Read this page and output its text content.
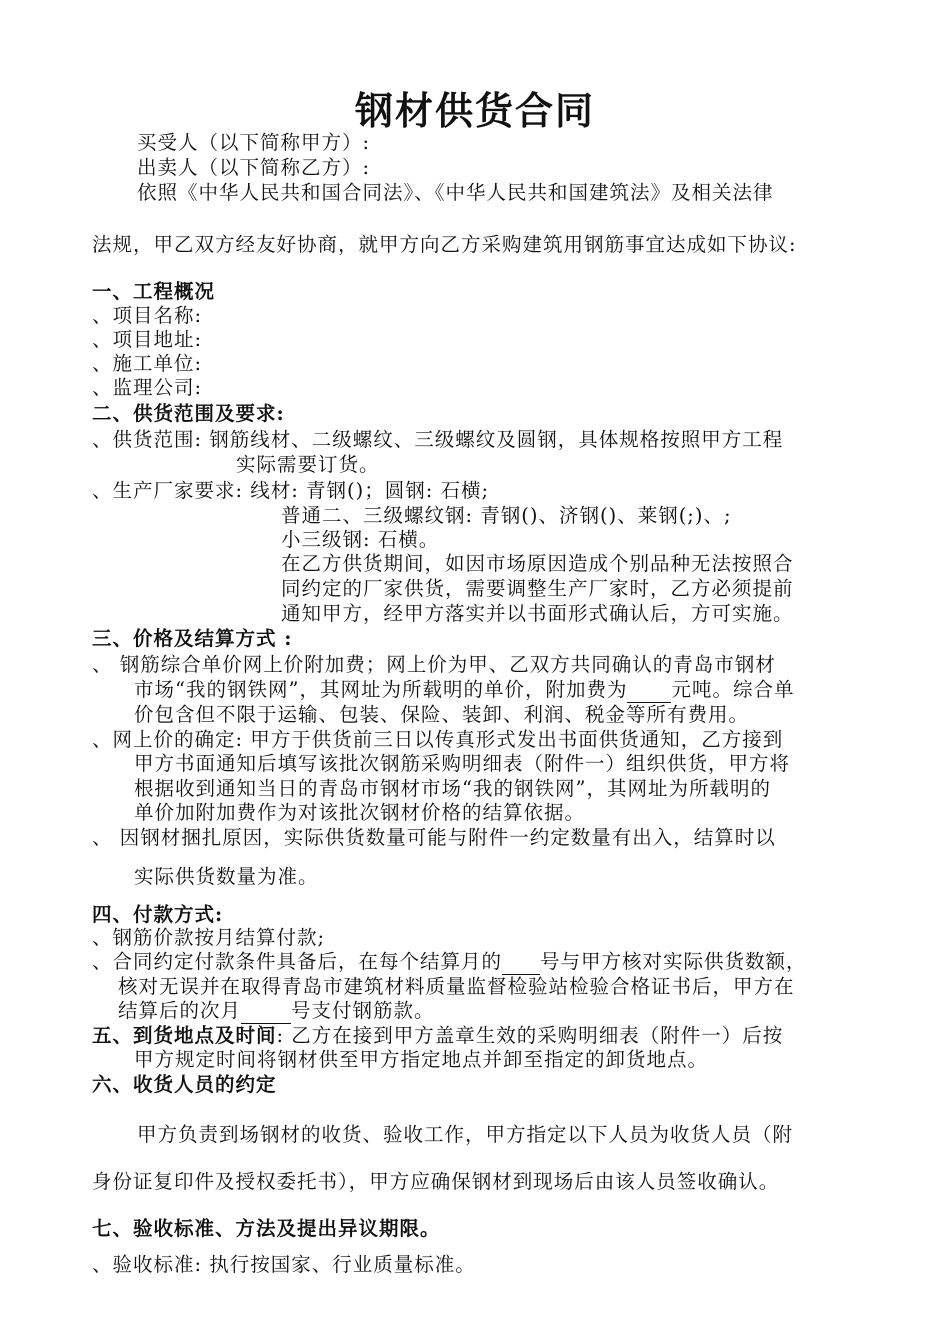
钢材供货合同
买受人（以下简称甲方）:
出卖人（以下简称乙方）:
依照《中华人民共和国合同法》、《中华人民共和国建筑法》及相关法律
法规，甲乙双方经友好协商，就甲方向乙方采购建筑用钢筋事宜达成如下协议:
一、工程概况
、项目名称:
、项目地址:
、施工单位:
、监理公司:
二、供货范围及要求:
、供货范围: 钢筋线材、二级螺纹、三级螺纹及圆钢，具体规格按照甲方工程
实际需要订货。
、生产厂家要求: 线材: 青钢()；圆钢: 石横;
普通二、三级螺纹钢: 青钢()、济钢()、莱钢(;)、;
小三级钢: 石横。
在乙方供货期间，如因市场原因造成个别品种无法按照合
同约定的厂家供货，需要调整生产厂家时，乙方必须提前
通知甲方，经甲方落实并以书面形式确认后，方可实施。
三、价格及结算方式 :
、 钢筋综合单价网上价附加费；网上价为甲、乙双方共同确认的青岛市钢材
市场“我的钢铁网”，其网址为所载明的单价，附加费为 元吨。综合单
价包含但不限于运输、包装、保险、装卸、利润、税金等所有费用。
、网上价的确定: 甲方于供货前三日以传真形式发出书面供货通知，乙方接到
甲方书面通知后填写该批次钢筋采购明细表（附件一）组织供货，甲方将
根据收到通知当日的青岛市钢材市场“我的钢铁网”，其网址为所载明的
单价加附加费作为对该批次钢材价格的结算依据。
、 因钢材捆扎原因，实际供货数量可能与附件一约定数量有出入，结算时以
实际供货数量为准。
四、付款方式:
、钢筋价款按月结算付款;
、合同约定付款条件具备后，在每个结算月的 号与甲方核对实际供货数额，
核对无误并在取得青岛市建筑材料质量监督检验站检验合格证书后，甲方在
结算后的次月	号支付钢筋款。
五、到货地点及时间: 乙方在接到甲方盖章生效的采购明细表（附件一）后按
甲方规定时间将钢材供至甲方指定地点并卸至指定的卸货地点。
六、收货人员的约定
甲方负责到场钢材的收货、验收工作，甲方指定以下人员为收货人员（附
身份证复印件及授权委托书），甲方应确保钢材到现场后由该人员签收确认。
七、验收标准、方法及提出异议期限。
、验收标准: 执行按国家、行业质量标准。
